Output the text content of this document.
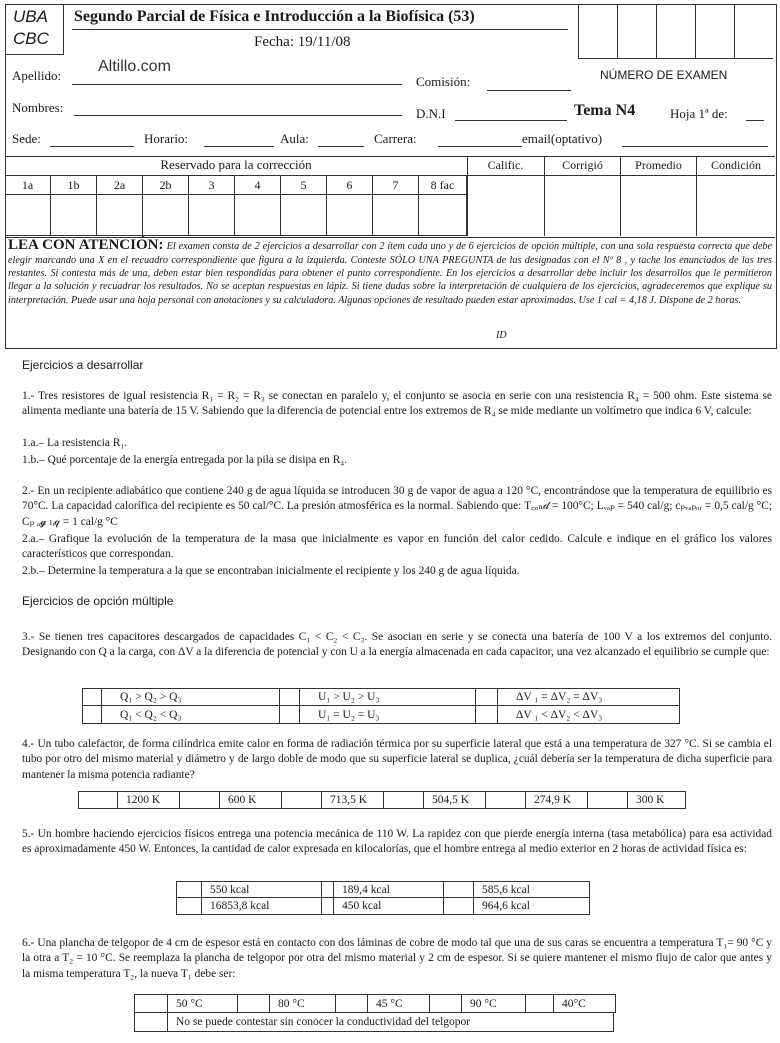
UBA
CBC
Segundo Parcial de Física e Introducción a la Biofísica (53)
Fecha: 19/11/08
NÚMERO DE EXAMEN
Altillo.com
Apellido:	Comisión:
Nombres:	D.N.I	Tema N4	Hoja 1ª de:
Sede:	Horario:	Aula:	Carrera:	email(optativo)
Reservado para la corrección
1a	1b	2a	2b	3	4	5	6	7	8 fac
Calific.	Corrigió	Promedio	Condición
LEA CON ATENCIÓN: El examen consta de 2 ejercicios a desarrollar con 2 ítem cada uno y de 6 ejercicios de opción múltiple, con una sola respuesta correcta que debe elegir marcando una X en el recuadro correspondiente que figura a la izquierda. Conteste SÓLO UNA PREGUNTA de las designadas con el Nº 8 , y tache los enunciados de las tres restantes. Si contesta más de una, deben estar bien respondidas para obtener el punto correspondiente. En los ejercicios a desarrollar debe incluir los desarrollos que le permitieron llegar a la solución y recuadrar los resultados. No se aceptan respuestas en lápiz. Si tiene dudas sobre la interpretación de cualquiera de los ejercicios, agradeceremos que explique su interpretación. Puede usar una hoja personal con anotaciones y su calculadora. Algunas opciones de resultado pueden estar aproximadas. Use 1 cal = 4,18 J. Dispone de 2 horas.
ID
Ejercicios a desarrollar
1.- Tres resistores de igual resistencia R₁ = R₂ = R₃ se conectan en paralelo y, el conjunto se asocia en serie con una resistencia R₄ = 500 ohm. Este sistema se alimenta mediante una batería de 15 V. Sabiendo que la diferencia de potencial entre los extremos de R₄ se mide mediante un voltímetro que indica 6 V, calcule:
1.a.– La resistencia R₁.
1.b.– Qué porcentaje de la energía entregada por la pila se disipa en R₄.
2.- En un recipiente adiabático que contiene 240 g de agua líquida se introducen 30 g de vapor de agua a 120 °C, encontrándose que la temperatura de equilibrio es 70°C. La capacidad calorífica del recipiente es 50 cal/°C. La presión atmosférica es la normal. Sabiendo que: T꜀ₒₙ𝒹 = 100°C; Lᵥₐₚ = 540 cal/g; cₚᵥₐₚₒᵣ = 0,5 cal/g °C; Cₚ ₐ𝓰 ₗᵢ𝓆 = 1 cal/g °C
2.a.– Grafique la evolución de la temperatura de la masa que inicialmente es vapor en función del calor cedido. Calcule e indique en el gráfico los valores característicos que correspondan.
2.b.– Determine la temperatura a la que se encontraban inicialmente el recipiente y los 240 g de agua líquida.
Ejercicios de opción múltiple
3.- Se tienen tres capacitores descargados de capacidades C₁ < C₂ < C₃. Se asocian en serie y se conecta una batería de 100 V a los extremos del conjunto. Designando con Q a la carga, con ΔV a la diferencia de potencial y con U a la energía almacenada en cada capacitor, una vez alcanzado el equilibrio se cumple que:
Q₁ > Q₂ > Q₃	U₁ > U₂ > U₃	ΔV ₁ = ΔV₂ = ΔV₃
Q₁ < Q₂ < Q₃	U₁ = U₂ = U₃	ΔV ₁ < ΔV₂ < ΔV₃
4.- Un tubo calefactor, de forma cilíndrica emite calor en forma de radiación térmica por su superficie lateral que está a una temperatura de 327 °C. Si se cambia el tubo por otro del mismo material y diámetro y de largo doble de modo que su superficie lateral se duplica, ¿cuál debería ser la temperatura de dicha superficie para mantener la misma potencia radiante?
1200 K	600 K	713,5 K	504,5 K	274,9 K	300 K
5.- Un hombre haciendo ejercicios físicos entrega una potencia mecánica de 110 W. La rapidez con que pierde energía interna (tasa metabólica) para esa actividad es aproximadamente 450 W. Entonces, la cantidad de calor expresada en kilocalorías, que el hombre entrega al medio exterior en 2 horas de actividad física es:
550 kcal	189,4 kcal	585,6 kcal
16853,8 kcal	450 kcal	964,6 kcal
6.- Una plancha de telgopor de 4 cm de espesor está en contacto con dos láminas de cobre de modo tal que una de sus caras se encuentra a temperatura T₁= 90 °C y la otra a T₂ = 10 °C. Se reemplaza la plancha de telgopor por otra del mismo material y 2 cm de espesor. Si se quiere mantener el mismo flujo de calor que antes y la misma temperatura T₂, la nueva T₁ debe ser:
50 °C	80 °C	45 °C	90 °C	40°C
No se puede contestar sin conocer la conductividad del telgopor
